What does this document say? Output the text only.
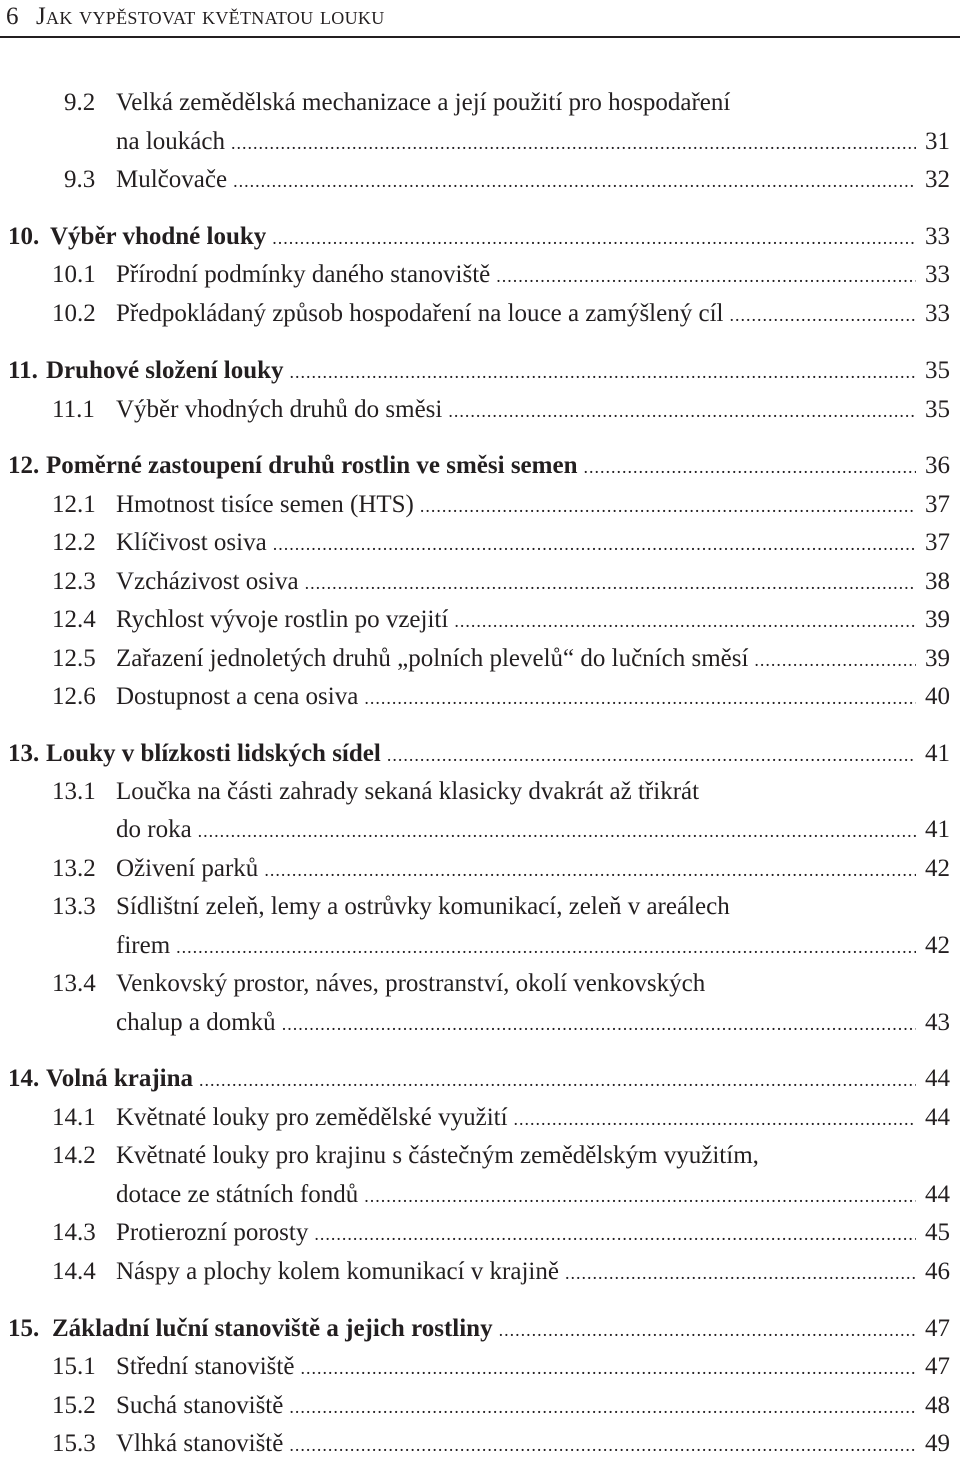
6 Jak vypěstovat květnatou louku
9.2 Velká zemědělská mechanizace a její použití pro hospodaření
na loukách .....	31
9.3 Mulčovače .....	32
10. Výběr vhodné louky .....	33
10.1 Přírodní podmínky daného stanoviště .....	33
10.2 Předpokládaný způsob hospodaření na louce a zamýšlený cíl .....	33
11. Druhové složení louky .....	35
11.1 Výběr vhodných druhů do směsi .....	35
12. Poměrné zastoupení druhů rostlin ve směsi semen .....	36
12.1 Hmotnost tisíce semen (HTS) .....	37
12.2 Klíčivost osiva .....	37
12.3 Vzcházivost osiva .....	38
12.4 Rychlost vývoje rostlin po vzejití .....	39
12.5 Zařazení jednoletých druhů „polních plevelů“ do lučních směsí .....	39
12.6 Dostupnost a cena osiva .....	40
13. Louky v blízkosti lidských sídel .....	41
13.1 Loučka na části zahrady sekaná klasicky dvakrát až třikrát
do roka .....	41
13.2 Oživení parků .....	42
13.3 Sídlištní zeleň, lemy a ostrůvky komunikací, zeleň v areálech
firem .....	42
13.4 Venkovský prostor, náves, prostranství, okolí venkovských
chalup a domků .....	43
14. Volná krajina .....	44
14.1 Květnaté louky pro zemědělské využití .....	44
14.2 Květnaté louky pro krajinu s částečným zemědělským využitím,
dotace ze státních fondů .....	44
14.3 Protierozní porosty .....	45
14.4 Náspy a plochy kolem komunikací v krajině .....	46
15. Základní luční stanoviště a jejich rostliny .....	47
15.1 Střední stanoviště .....	47
15.2 Suchá stanoviště .....	48
15.3 Vlhká stanoviště .....	49
